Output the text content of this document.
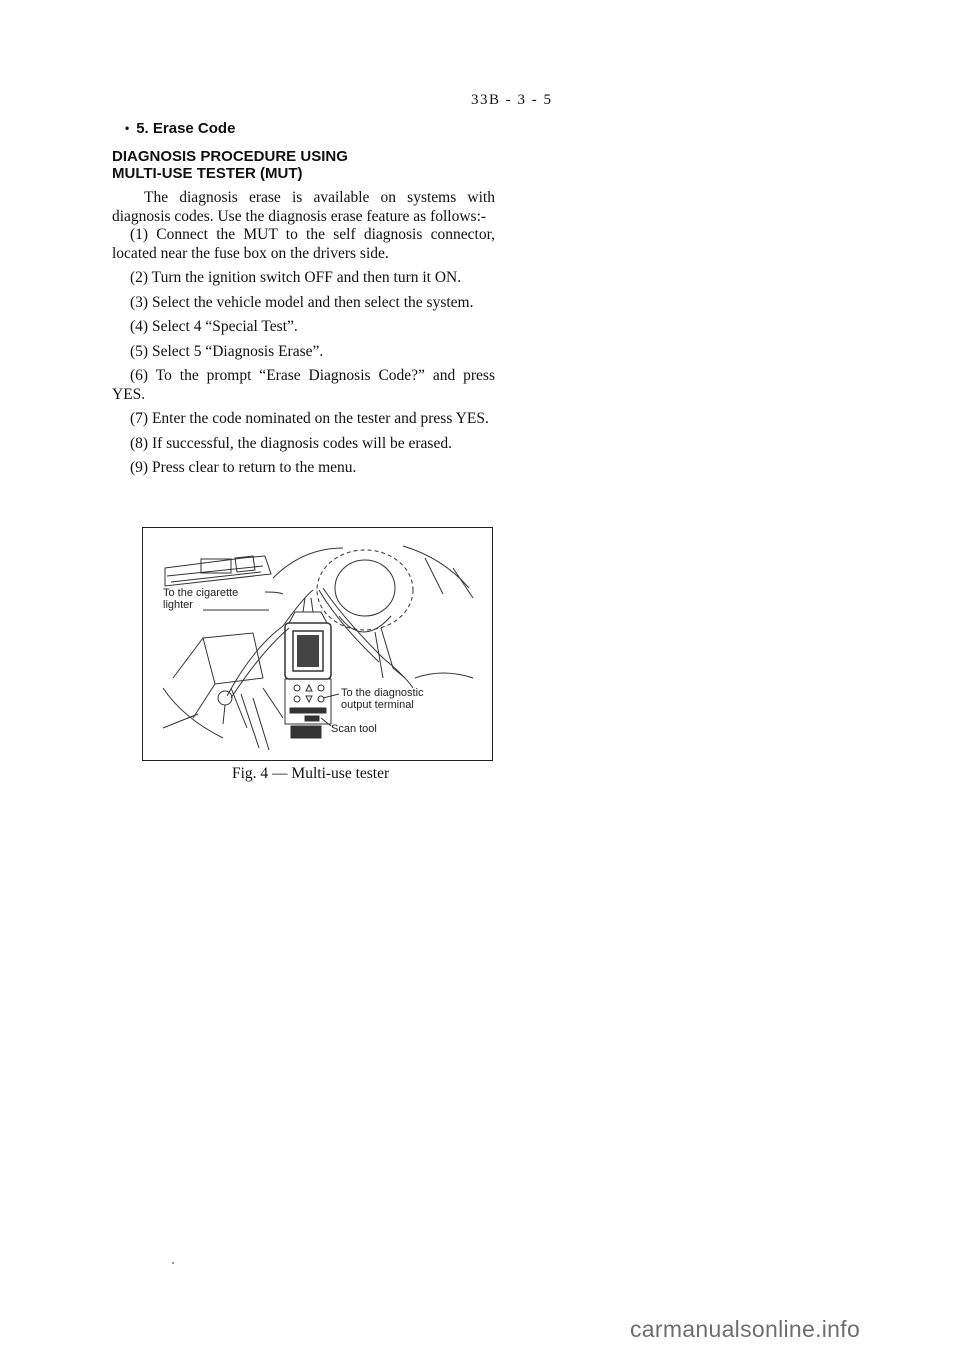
33B - 3 - 5
• 5. Erase Code
DIAGNOSIS PROCEDURE USING
MULTI-USE TESTER (MUT)

The diagnosis erase is available on systems with diagnosis codes. Use the diagnosis erase feature as follows:-

(1) Connect the MUT to the self diagnosis connector, located near the fuse box on the drivers side.

(2) Turn the ignition switch OFF and then turn it ON.

(3) Select the vehicle model and then select the system.

(4) Select 4 “Special Test”.

(5) Select 5 “Diagnosis Erase”.

(6) To the prompt “Erase Diagnosis Code?” and press YES.

(7) Enter the code nominated on the tester and press YES.

(8) If successful, the diagnosis codes will be erased.

(9) Press clear to return to the menu.

To the cigarette
lighter
To the diagnostic
output terminal
Scan tool
Fig. 4 — Multi-use tester
carmanualsonline.info
